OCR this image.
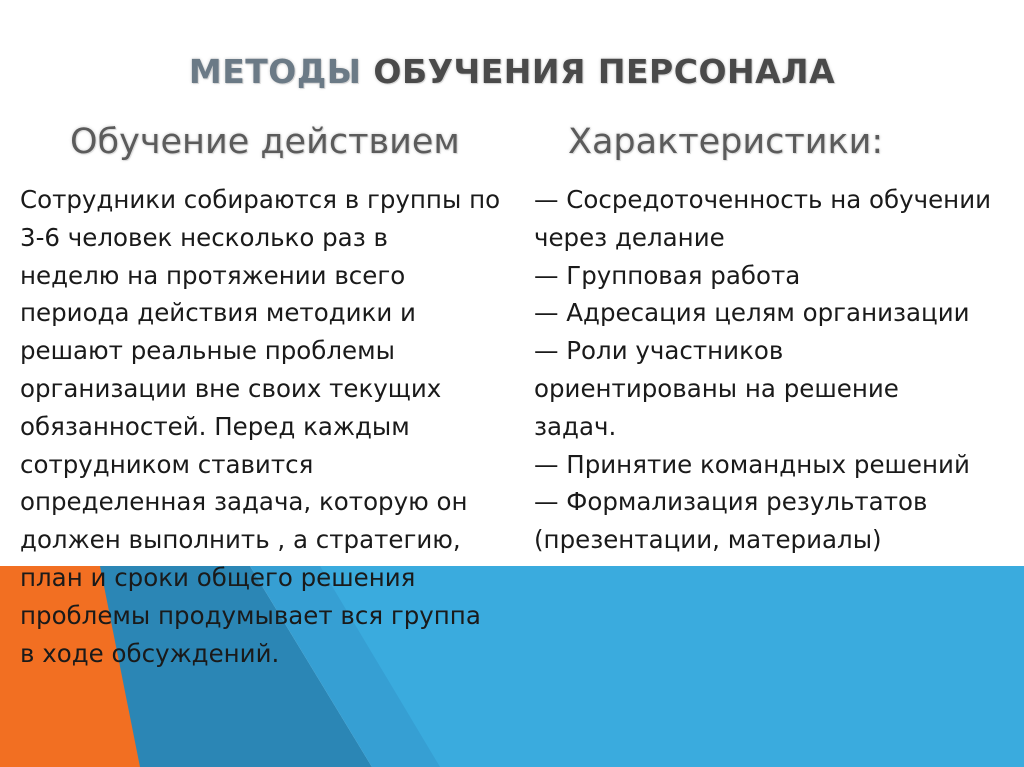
МЕТОДЫ ОБУЧЕНИЯ ПЕРСОНАЛА
Обучение действием	Характеристики:
Сотрудники собираются в группы по
3-6 человек несколько раз в
неделю на протяжении всего
периода действия методики и
решают реальные проблемы
организации вне своих текущих
обязанностей. Перед каждым
сотрудником ставится
определенная задача, которую он
должен выполнить , а стратегию,
план и сроки общего решения
проблемы продумывает вся группа
в ходе обсуждений.
— Сосредоточенность на обучении
через делание
— Групповая работа
— Адресация целям организации
— Роли участников
ориентированы на решение
задач.
— Принятие командных решений
— Формализация результатов
(презентации, материалы)
